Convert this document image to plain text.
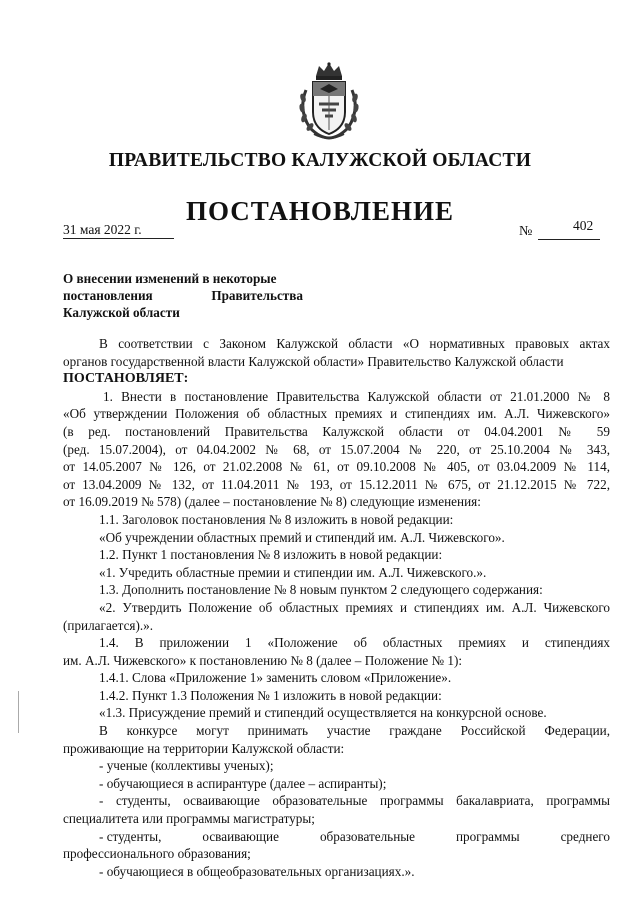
ПРАВИТЕЛЬСТВО КАЛУЖСКОЙ ОБЛАСТИ
ПОСТАНОВЛЕНИЕ
31 мая 2022 г.	№	402
О внесении изменений в некоторые
постановления	Правительства
Калужской области

В соответствии с Законом Калужской области «О нормативных правовых актах

органов государственной власти Калужской области» Правительство Калужской области

ПОСТАНОВЛЯЕТ:

1. Внести в постановление Правительства Калужской области от 21.01.2000 № 8

«Об утверждении Положения об областных премиях и стипендиях им. А.Л. Чижевского»

(в ред. постановлений Правительства Калужской области от 04.04.2001 № 59

(ред. 15.07.2004), от 04.04.2002 № 68, от 15.07.2004 № 220, от 25.10.2004 № 343,

от 14.05.2007 № 126, от 21.02.2008 № 61, от 09.10.2008 № 405, от 03.04.2009 № 114,

от 13.04.2009 № 132, от 11.04.2011 № 193, от 15.12.2011 № 675, от 21.12.2015 № 722,

от 16.09.2019 № 578) (далее – постановление № 8) следующие изменения:

1.1. Заголовок постановления № 8 изложить в новой редакции:

«Об учреждении областных премий и стипендий им. А.Л. Чижевского».

1.2. Пункт 1 постановления № 8 изложить в новой редакции:

«1. Учредить областные премии и стипендии им. А.Л. Чижевского.».

1.3. Дополнить постановление № 8 новым пунктом 2 следующего содержания:

«2. Утвердить Положение об областных премиях и стипендиях им. А.Л. Чижевского

(прилагается).».

1.4. В приложении 1 «Положение об областных премиях и стипендиях

им. А.Л. Чижевского» к постановлению № 8 (далее – Положение № 1):

1.4.1. Слова «Приложение 1» заменить словом «Приложение».

1.4.2. Пункт 1.3 Положения № 1 изложить в новой редакции:

«1.3. Присуждение премий и стипендий осуществляется на конкурсной основе.

В конкурсе могут принимать участие граждане Российской Федерации,

проживающие на территории Калужской области:

- ученые (коллективы ученых);

- обучающиеся в аспирантуре (далее – аспиранты);

- студенты, осваивающие образовательные программы бакалавриата, программы

специалитета или программы магистратуры;

- студенты,	осваивающие	образовательные	программы	среднего

профессионального образования;

- обучающиеся в общеобразовательных организациях.».
